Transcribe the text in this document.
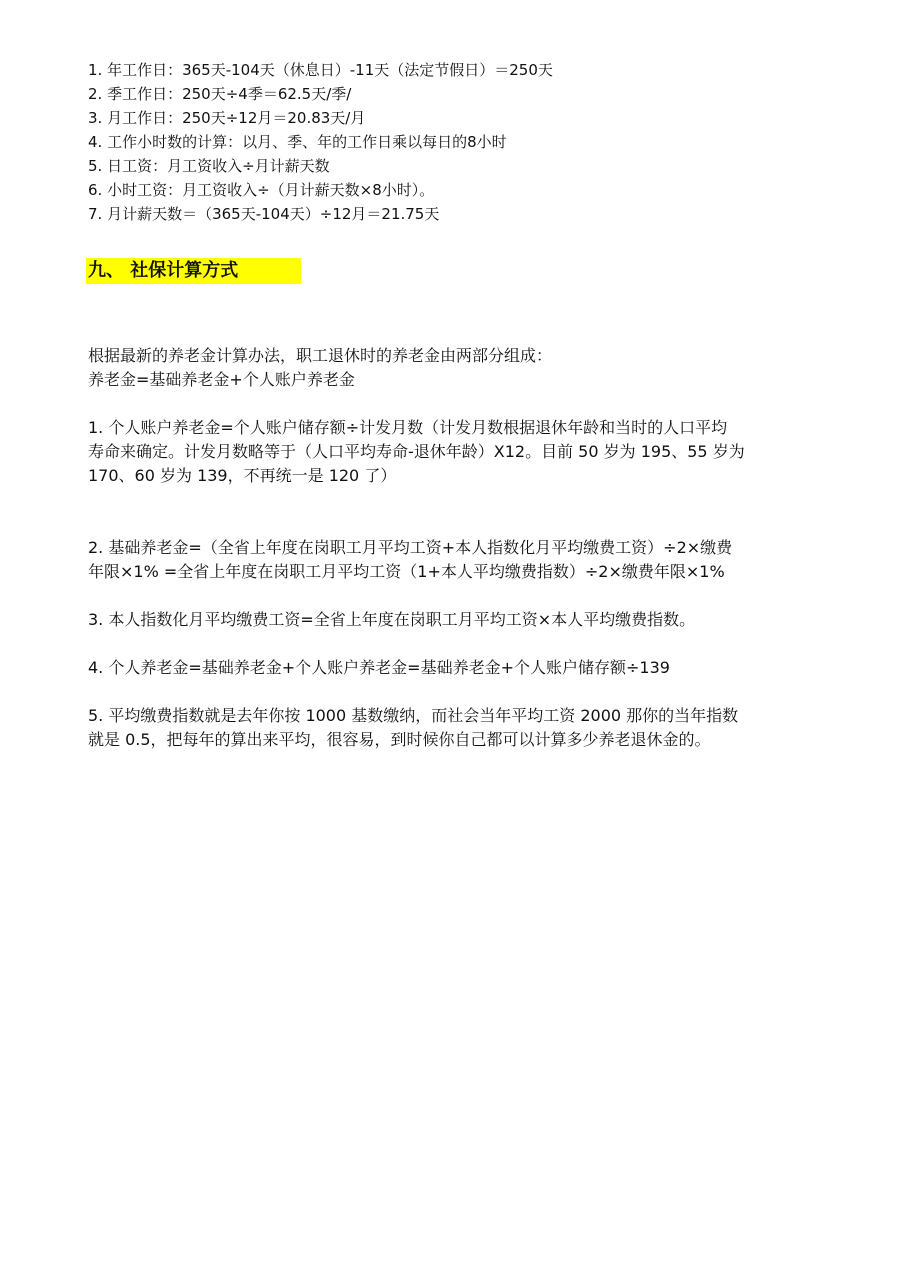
1. 年工作日：365天-104天（休息日）-11天（法定节假日）＝250天
2. 季工作日：250天÷4季＝62.5天/季/
3. 月工作日：250天÷12月＝20.83天/月
4. 工作小时数的计算：以月、季、年的工作日乘以每日的8小时
5. 日工资：月工资收入÷月计薪天数
6. 小时工资：月工资收入÷（月计薪天数×8小时）。
7. 月计薪天数＝（365天-104天）÷12月＝21.75天
九、 社保计算方式

根据最新的养老金计算办法，职工退休时的养老金由两部分组成：

养老金=基础养老金+个人账户养老金

1. 个人账户养老金=个人账户储存额÷计发月数（计发月数根据退休年龄和当时的人口平均

寿命来确定。计发月数略等于（人口平均寿命-退休年龄）X12。目前 50 岁为 195、55 岁为

170、60 岁为 139，不再统一是 120 了）

2. 基础养老金=（全省上年度在岗职工月平均工资+本人指数化月平均缴费工资）÷2×缴费

年限×1% =全省上年度在岗职工月平均工资（1+本人平均缴费指数）÷2×缴费年限×1%

3. 本人指数化月平均缴费工资=全省上年度在岗职工月平均工资×本人平均缴费指数。

4. 个人养老金=基础养老金+个人账户养老金=基础养老金+个人账户储存额÷139

5. 平均缴费指数就是去年你按 1000 基数缴纳，而社会当年平均工资 2000 那你的当年指数

就是 0.5，把每年的算出来平均，很容易，到时候你自己都可以计算多少养老退休金的。
